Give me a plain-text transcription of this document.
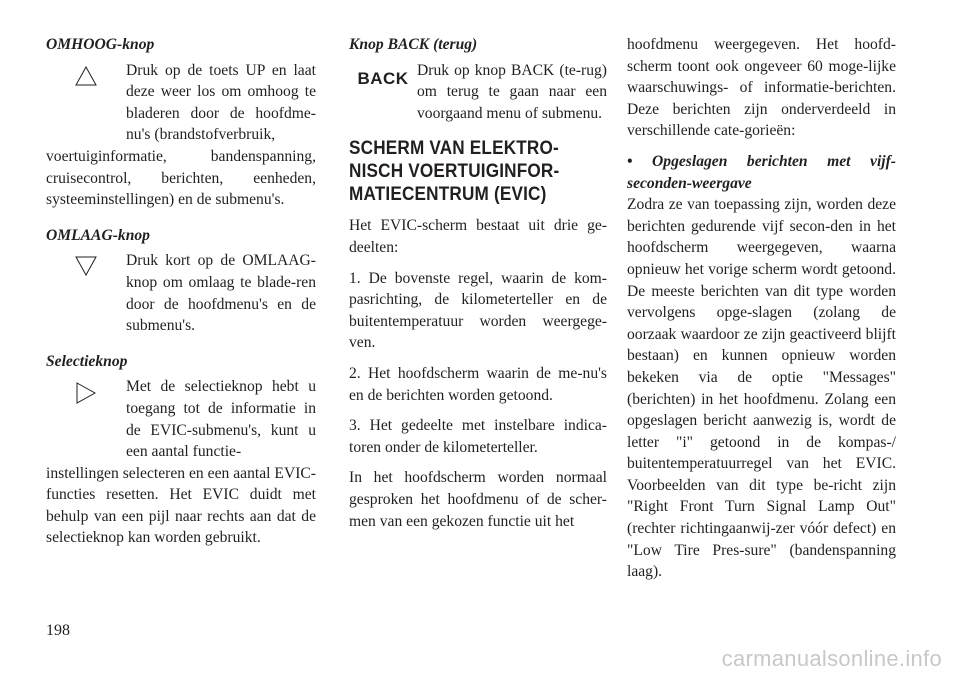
OMHOOG-knop

Druk op de toets UP en laat deze weer los om omhoog te bladeren door de hoofdme- nu's (brandstofverbruik,

voertuiginformatie, bandenspanning, cruisecontrol, berichten, eenheden, systeeminstellingen) en de submenu's.

OMLAAG-knop

Druk kort op de OMLAAG-knop om omlaag te blade-ren door de hoofdmenu's en de submenu's.

Selectieknop

Met de selectieknop hebt u toegang tot de informatie in de EVIC-submenu's, kunt u een aantal functie-

instellingen selecteren en een aantal EVIC-functies resetten. Het EVIC duidt met behulp van een pijl naar rechts aan dat de selectieknop kan worden gebruikt.

Knop BACK (terug)

BACK Druk op knop BACK (te-rug) om terug te gaan naar een voorgaand menu of submenu.

SCHERM VAN ELEKTRO-NISCH VOERTUIGINFOR-MATIECENTRUM (EVIC)

Het EVIC-scherm bestaat uit drie ge-deelten:

1. De bovenste regel, waarin de kom-pasrichting, de kilometerteller en de buitentemperatuur worden weergege-ven.

2. Het hoofdscherm waarin de me-nu's en de berichten worden getoond.

3. Het gedeelte met instelbare indica-toren onder de kilometerteller.

In het hoofdscherm worden normaal gesproken het hoofdmenu of de scher-men van een gekozen functie uit het

hoofdmenu weergegeven. Het hoofd-scherm toont ook ongeveer 60 moge-lijke waarschuwings- of informatie-berichten. Deze berichten zijn onderverdeeld in verschillende cate-gorieën:

• Opgeslagen berichten met vijf-seconden-weergave

Zodra ze van toepassing zijn, worden deze berichten gedurende vijf secon-den in het hoofdscherm weergegeven, waarna opnieuw het vorige scherm wordt getoond. De meeste berichten van dit type worden vervolgens opge-slagen (zolang de oorzaak waardoor ze zijn geactiveerd blijft bestaan) en kunnen opnieuw worden bekeken via de optie "Messages" (berichten) in het hoofdmenu. Zolang een opgeslagen bericht aanwezig is, wordt de letter "i" getoond in de kompas-/ buitentemperatuurregel van het EVIC. Voorbeelden van dit type be-richt zijn "Right Front Turn Signal Lamp Out" (rechter richtingaanwij-zer vóór defect) en "Low Tire Pres-sure" (bandenspanning laag).

198
carmanualsonline.info
